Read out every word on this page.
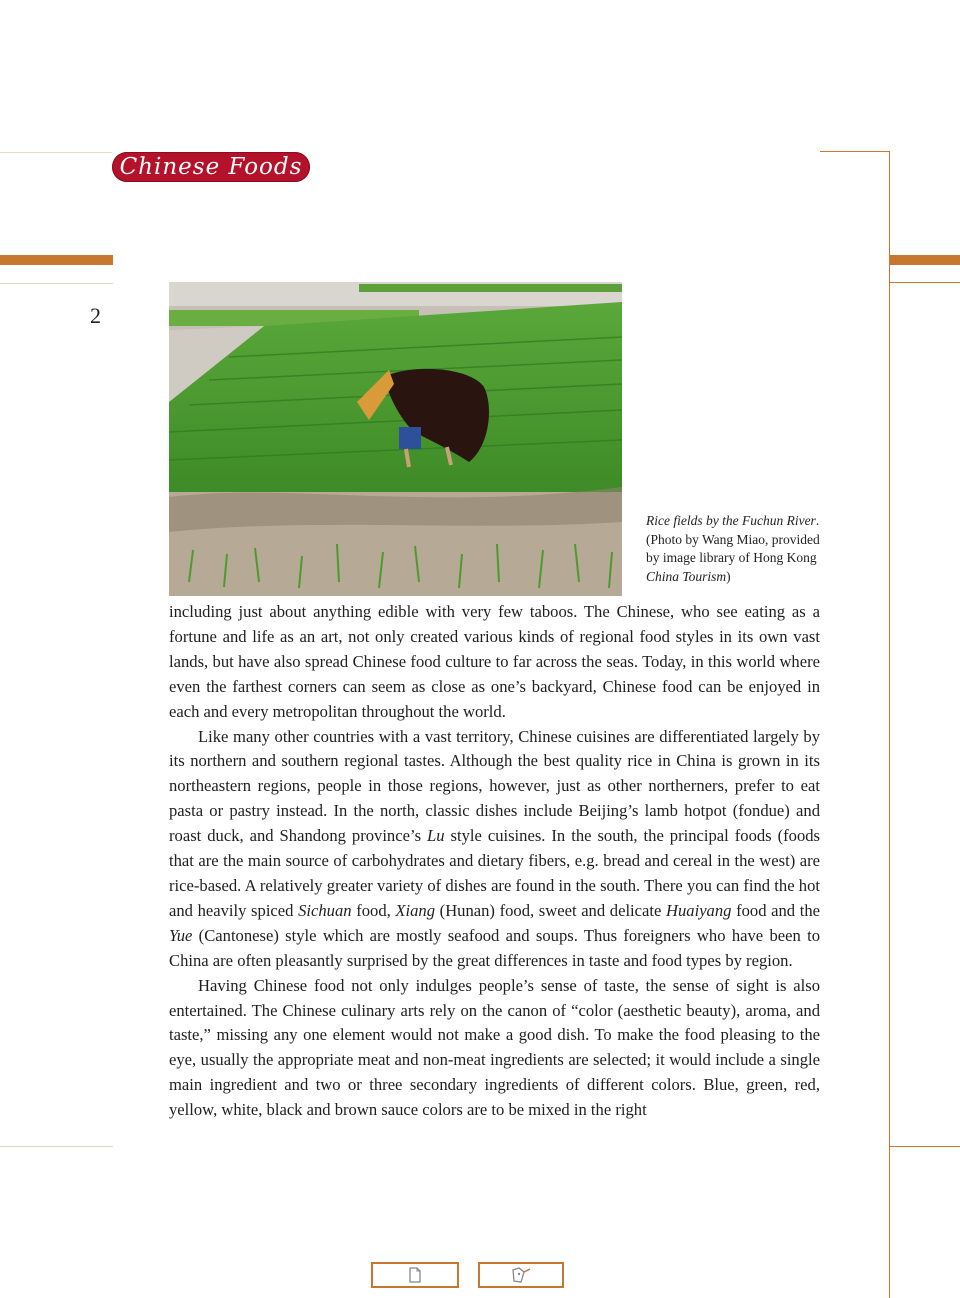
Chinese Foods
2
Rice fields by the Fuchun River.
(Photo by Wang Miao, provided
by image library of Hong Kong
China Tourism)

including just about anything edible with very few taboos. The Chinese, who see eating as a fortune and life as an art, not only created various kinds of regional food styles in its own vast lands, but have also spread Chinese food culture to far across the seas. Today, in this world where even the farthest corners can seem as close as one’s backyard, Chinese food can be enjoyed in each and every metropolitan throughout the world.

Like many other countries with a vast territory, Chinese cuisines are differentiated largely by its northern and southern regional tastes. Although the best quality rice in China is grown in its northeastern regions, people in those regions, however, just as other northerners, prefer to eat pasta or pastry instead. In the north, classic dishes include Beijing’s lamb hotpot (fondue) and roast duck, and Shandong province’s Lu style cuisines. In the south, the principal foods (foods that are the main source of carbohydrates and dietary fibers, e.g. bread and cereal in the west) are rice-based. A relatively greater variety of dishes are found in the south. There you can find the hot and heavily spiced Sichuan food, Xiang (Hunan) food, sweet and delicate Huaiyang food and the Yue (Cantonese) style which are mostly seafood and soups. Thus foreigners who have been to China are often pleasantly surprised by the great differences in taste and food types by region.

Having Chinese food not only indulges people’s sense of taste, the sense of sight is also entertained. The Chinese culinary arts rely on the canon of “color (aesthetic beauty), aroma, and taste,” missing any one element would not make a good dish. To make the food pleasing to the eye, usually the appropriate meat and non-meat ingredients are selected; it would include a single main ingredient and two or three secondary ingredients of different colors. Blue, green, red, yellow, white, black and brown sauce colors are to be mixed in the right
